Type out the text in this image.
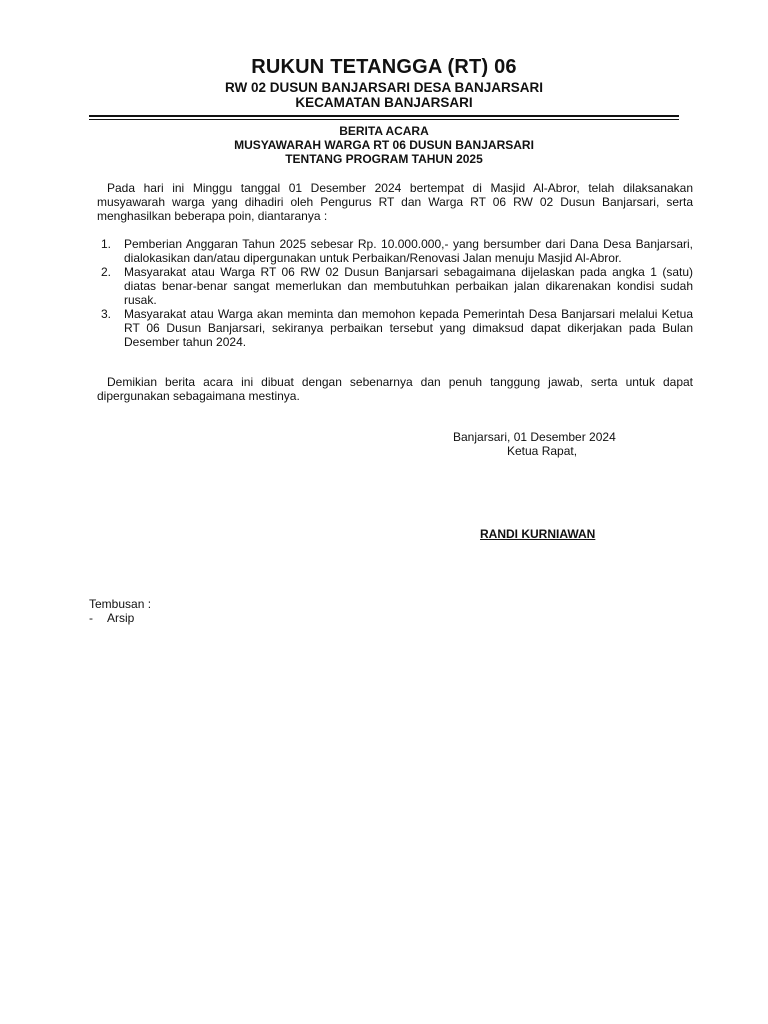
RUKUN TETANGGA (RT) 06
RW 02 DUSUN BANJARSARI DESA BANJARSARI
KECAMATAN BANJARSARI
BERITA ACARA
MUSYAWARAH WARGA RT 06 DUSUN BANJARSARI
TENTANG PROGRAM TAHUN 2025
Pada hari ini Minggu tanggal 01 Desember 2024 bertempat di Masjid Al-Abror, telah dilaksanakan musyawarah warga yang dihadiri oleh Pengurus RT dan Warga RT 06 RW 02 Dusun Banjarsari, serta menghasilkan beberapa poin, diantaranya :
1. Pemberian Anggaran Tahun 2025 sebesar Rp. 10.000.000,- yang bersumber dari Dana Desa Banjarsari, dialokasikan dan/atau dipergunakan untuk Perbaikan/Renovasi Jalan menuju Masjid Al-Abror.
2. Masyarakat atau Warga RT 06 RW 02 Dusun Banjarsari sebagaimana dijelaskan pada angka 1 (satu) diatas benar-benar sangat memerlukan dan membutuhkan perbaikan jalan dikarenakan kondisi sudah rusak.
3. Masyarakat atau Warga akan meminta dan memohon kepada Pemerintah Desa Banjarsari melalui Ketua RT 06 Dusun Banjarsari, sekiranya perbaikan tersebut yang dimaksud dapat dikerjakan pada Bulan Desember tahun 2024.
Demikian berita acara ini dibuat dengan sebenarnya dan penuh tanggung jawab, serta untuk dapat dipergunakan sebagaimana mestinya.
Banjarsari, 01 Desember 2024
Ketua Rapat,
RANDI KURNIAWAN
Tembusan :
- Arsip
